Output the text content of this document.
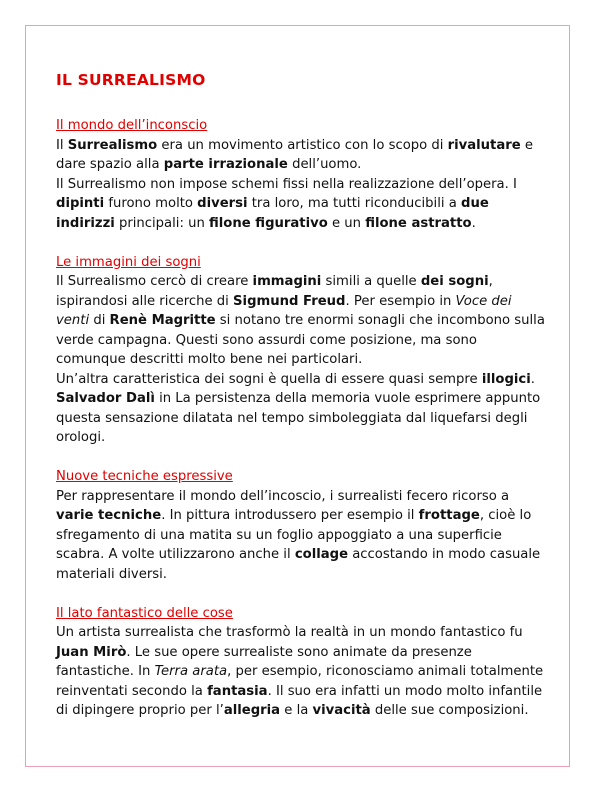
IL SURREALISMO
Il mondo dell’inconscio

Il Surrealismo era un movimento artistico con lo scopo di rivalutare e dare spazio alla parte irrazionale dell’uomo.

Il Surrealismo non impose schemi fissi nella realizzazione dell’opera. I dipinti furono molto diversi tra loro, ma tutti riconducibili a due indirizzi principali: un filone figurativo e un filone astratto.

Le immagini dei sogni

Il Surrealismo cercò di creare immagini simili a quelle dei sogni, ispirandosi alle ricerche di Sigmund Freud. Per esempio in Voce dei venti di Renè Magritte si notano tre enormi sonagli che incombono sulla verde campagna. Questi sono assurdi come posizione, ma sono comunque descritti molto bene nei particolari.

Un’altra caratteristica dei sogni è quella di essere quasi sempre illogici. Salvador Dalì in La persistenza della memoria vuole esprimere appunto questa sensazione dilatata nel tempo simboleggiata dal liquefarsi degli orologi.

Nuove tecniche espressive

Per rappresentare il mondo dell’incoscio, i surrealisti fecero ricorso a varie tecniche. In pittura introdussero per esempio il frottage, cioè lo sfregamento di una matita su un foglio appoggiato a una superficie scabra. A volte utilizzarono anche il collage accostando in modo casuale materiali diversi.

Il lato fantastico delle cose

Un artista surrealista che trasformò la realtà in un mondo fantastico fu Juan Mirò. Le sue opere surrealiste sono animate da presenze fantastiche. In Terra arata, per esempio, riconosciamo animali totalmente reinventati secondo la fantasia. Il suo era infatti un modo molto infantile di dipingere proprio per l’allegria e la vivacità delle sue composizioni.
